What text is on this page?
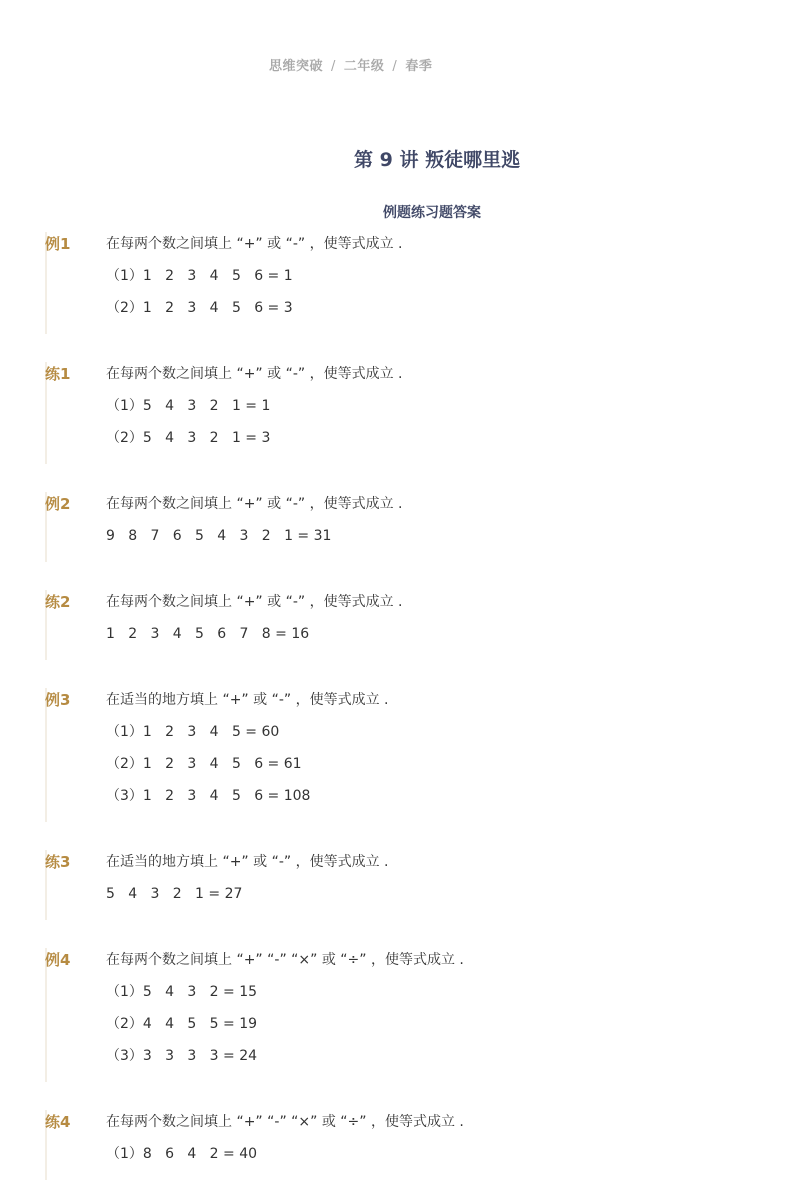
思维突破 / 二年级 / 春季
第 9 讲 叛徒哪里逃
例题练习题答案
例1	在每两个数之间填上 “+” 或 “-” ，使等式成立 .
（1）1   2   3   4   5   6 = 1
（2）1   2   3   4   5   6 = 3
练1	在每两个数之间填上 “+” 或 “-” ，使等式成立 .
（1）5   4   3   2   1 = 1
（2）5   4   3   2   1 = 3
例2	在每两个数之间填上 “+” 或 “-” ，使等式成立 .
9   8   7   6   5   4   3   2   1 = 31
练2	在每两个数之间填上 “+” 或 “-” ，使等式成立 .
1   2   3   4   5   6   7   8 = 16
例3	在适当的地方填上 “+” 或 “-” ，使等式成立 .
（1）1   2   3   4   5 = 60
（2）1   2   3   4   5   6 = 61
（3）1   2   3   4   5   6 = 108
练3	在适当的地方填上 “+” 或 “-” ，使等式成立 .
5   4   3   2   1 = 27
例4	在每两个数之间填上 “+” “-” “×” 或 “÷” ，使等式成立 .
（1）5   4   3   2 = 15
（2）4   4   5   5 = 19
（3）3   3   3   3 = 24
练4	在每两个数之间填上 “+” “-” “×” 或 “÷” ，使等式成立 .
（1）8   6   4   2 = 40
